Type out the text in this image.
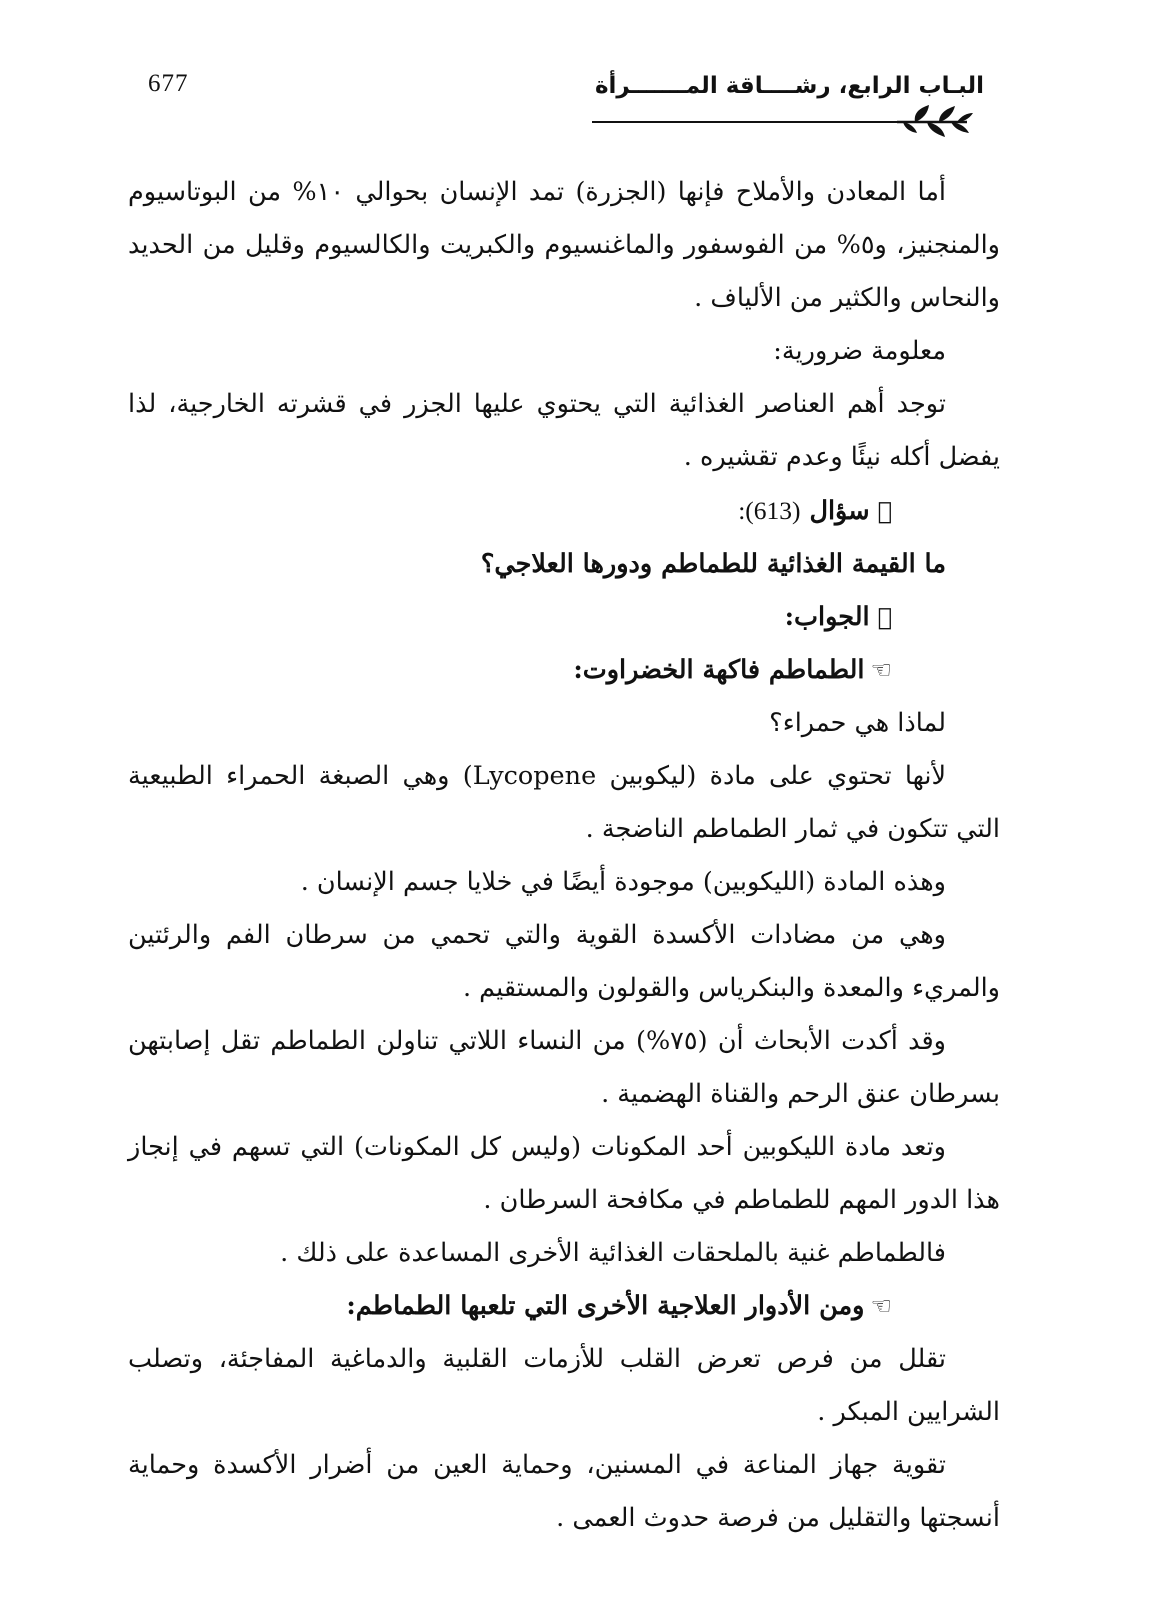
677	البـاب الرابع، رشــــاقة المـــــــرأة

أما المعادن والأملاح فإنها (الجزرة) تمد الإنسان بحوالي ١٠% من البوتاسيوم والمنجنيز، و٥% من الفوسفور والماغنسيوم والكبريت والكالسيوم وقليل من الحديد والنحاس والكثير من الألياف .

معلومة ضرورية:

توجد أهم العناصر الغذائية التي يحتوي عليها الجزر في قشرته الخارجية، لذا يفضل أكله نيئًا وعدم تقشيره .

سؤال (613):

ما القيمة الغذائية للطماطم ودورها العلاجي؟

الجواب:

☜الطماطم فاكهة الخضراوت:

لماذا هي حمراء؟

لأنها تحتوي على مادة (ليكوبين Lycopene) وهي الصبغة الحمراء الطبيعية التي تتكون في ثمار الطماطم الناضجة .

وهذه المادة (الليكوبين) موجودة أيضًا في خلايا جسم الإنسان .

وهي من مضادات الأكسدة القوية والتي تحمي من سرطان الفم والرئتين والمريء والمعدة والبنكرياس والقولون والمستقيم .

وقد أكدت الأبحاث أن (٧٥%) من النساء اللاتي تناولن الطماطم تقل إصابتهن بسرطان عنق الرحم والقناة الهضمية .

وتعد مادة الليكوبين أحد المكونات (وليس كل المكونات) التي تسهم في إنجاز هذا الدور المهم للطماطم في مكافحة السرطان .

فالطماطم غنية بالملحقات الغذائية الأخرى المساعدة على ذلك .

☜ومن الأدوار العلاجية الأخرى التي تلعبها الطماطم:

تقلل من فرص تعرض القلب للأزمات القلبية والدماغية المفاجئة، وتصلب الشرايين المبكر .

تقوية جهاز المناعة في المسنين، وحماية العين من أضرار الأكسدة وحماية أنسجتها والتقليل من فرصة حدوث العمى .
